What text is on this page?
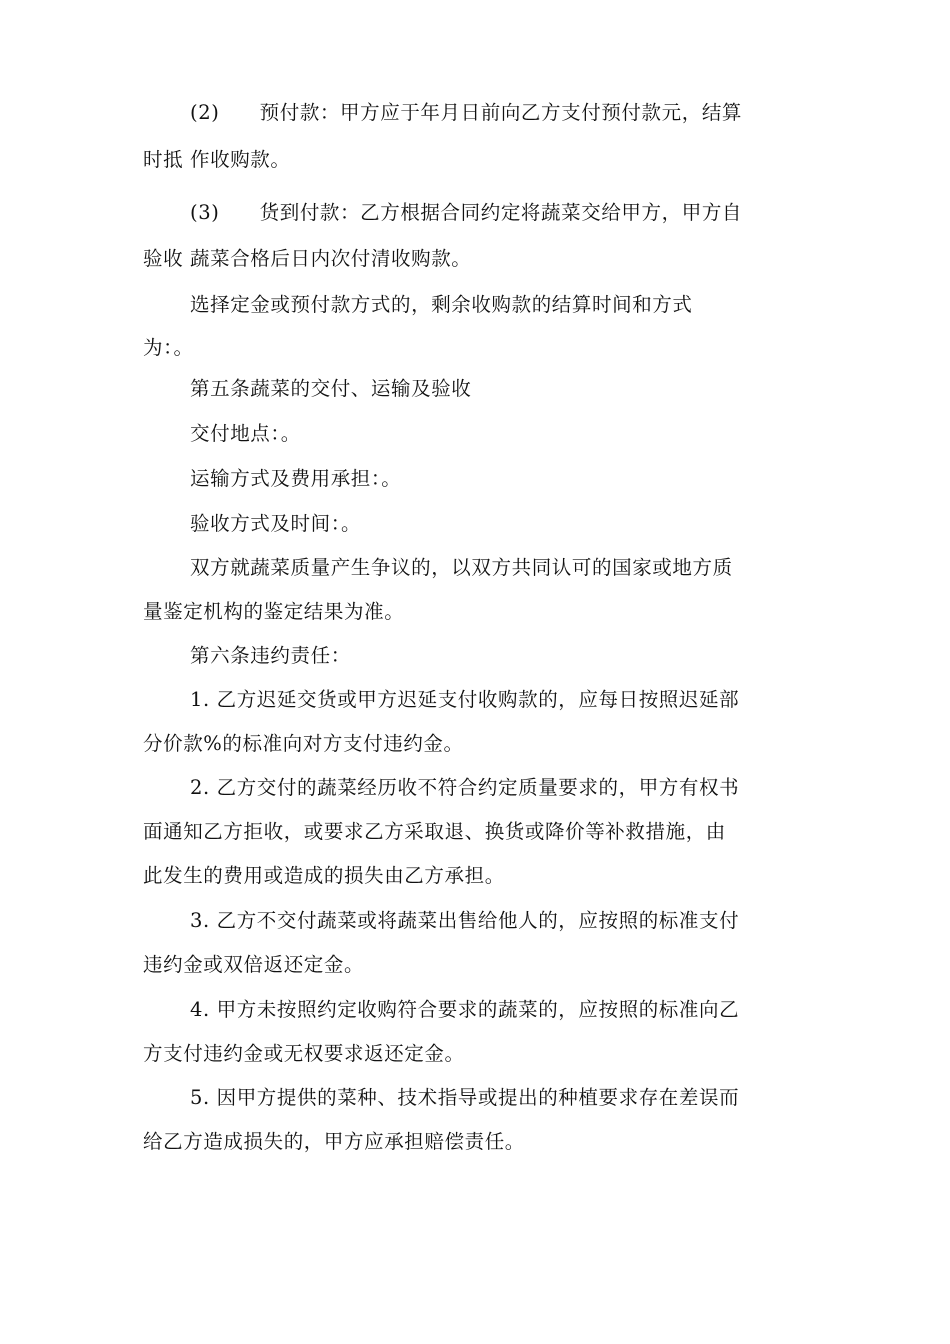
(2)　　预付款：甲方应于年月日前向乙方支付预付款元，结算
时抵 作收购款。
(3)　　货到付款：乙方根据合同约定将蔬菜交给甲方，甲方自
验收 蔬菜合格后日内次付清收购款。
选择定金或预付款方式的，剩余收购款的结算时间和方式
为：。
第五条蔬菜的交付、运输及验收
交付地点：。
运输方式及费用承担：。
验收方式及时间：。
双方就蔬菜质量产生争议的，以双方共同认可的国家或地方质
量鉴定机构的鉴定结果为准。
第六条违约责任：
1. 乙方迟延交货或甲方迟延支付收购款的，应每日按照迟延部
分价款%的标准向对方支付违约金。
2. 乙方交付的蔬菜经历收不符合约定质量要求的，甲方有权书
面通知乙方拒收，或要求乙方采取退、换货或降价等补救措施，由
此发生的费用或造成的损失由乙方承担。
3. 乙方不交付蔬菜或将蔬菜出售给他人的，应按照的标准支付
违约金或双倍返还定金。
4. 甲方未按照约定收购符合要求的蔬菜的，应按照的标准向乙
方支付违约金或无权要求返还定金。
5. 因甲方提供的菜种、技术指导或提出的种植要求存在差误而
给乙方造成损失的，甲方应承担赔偿责任。
